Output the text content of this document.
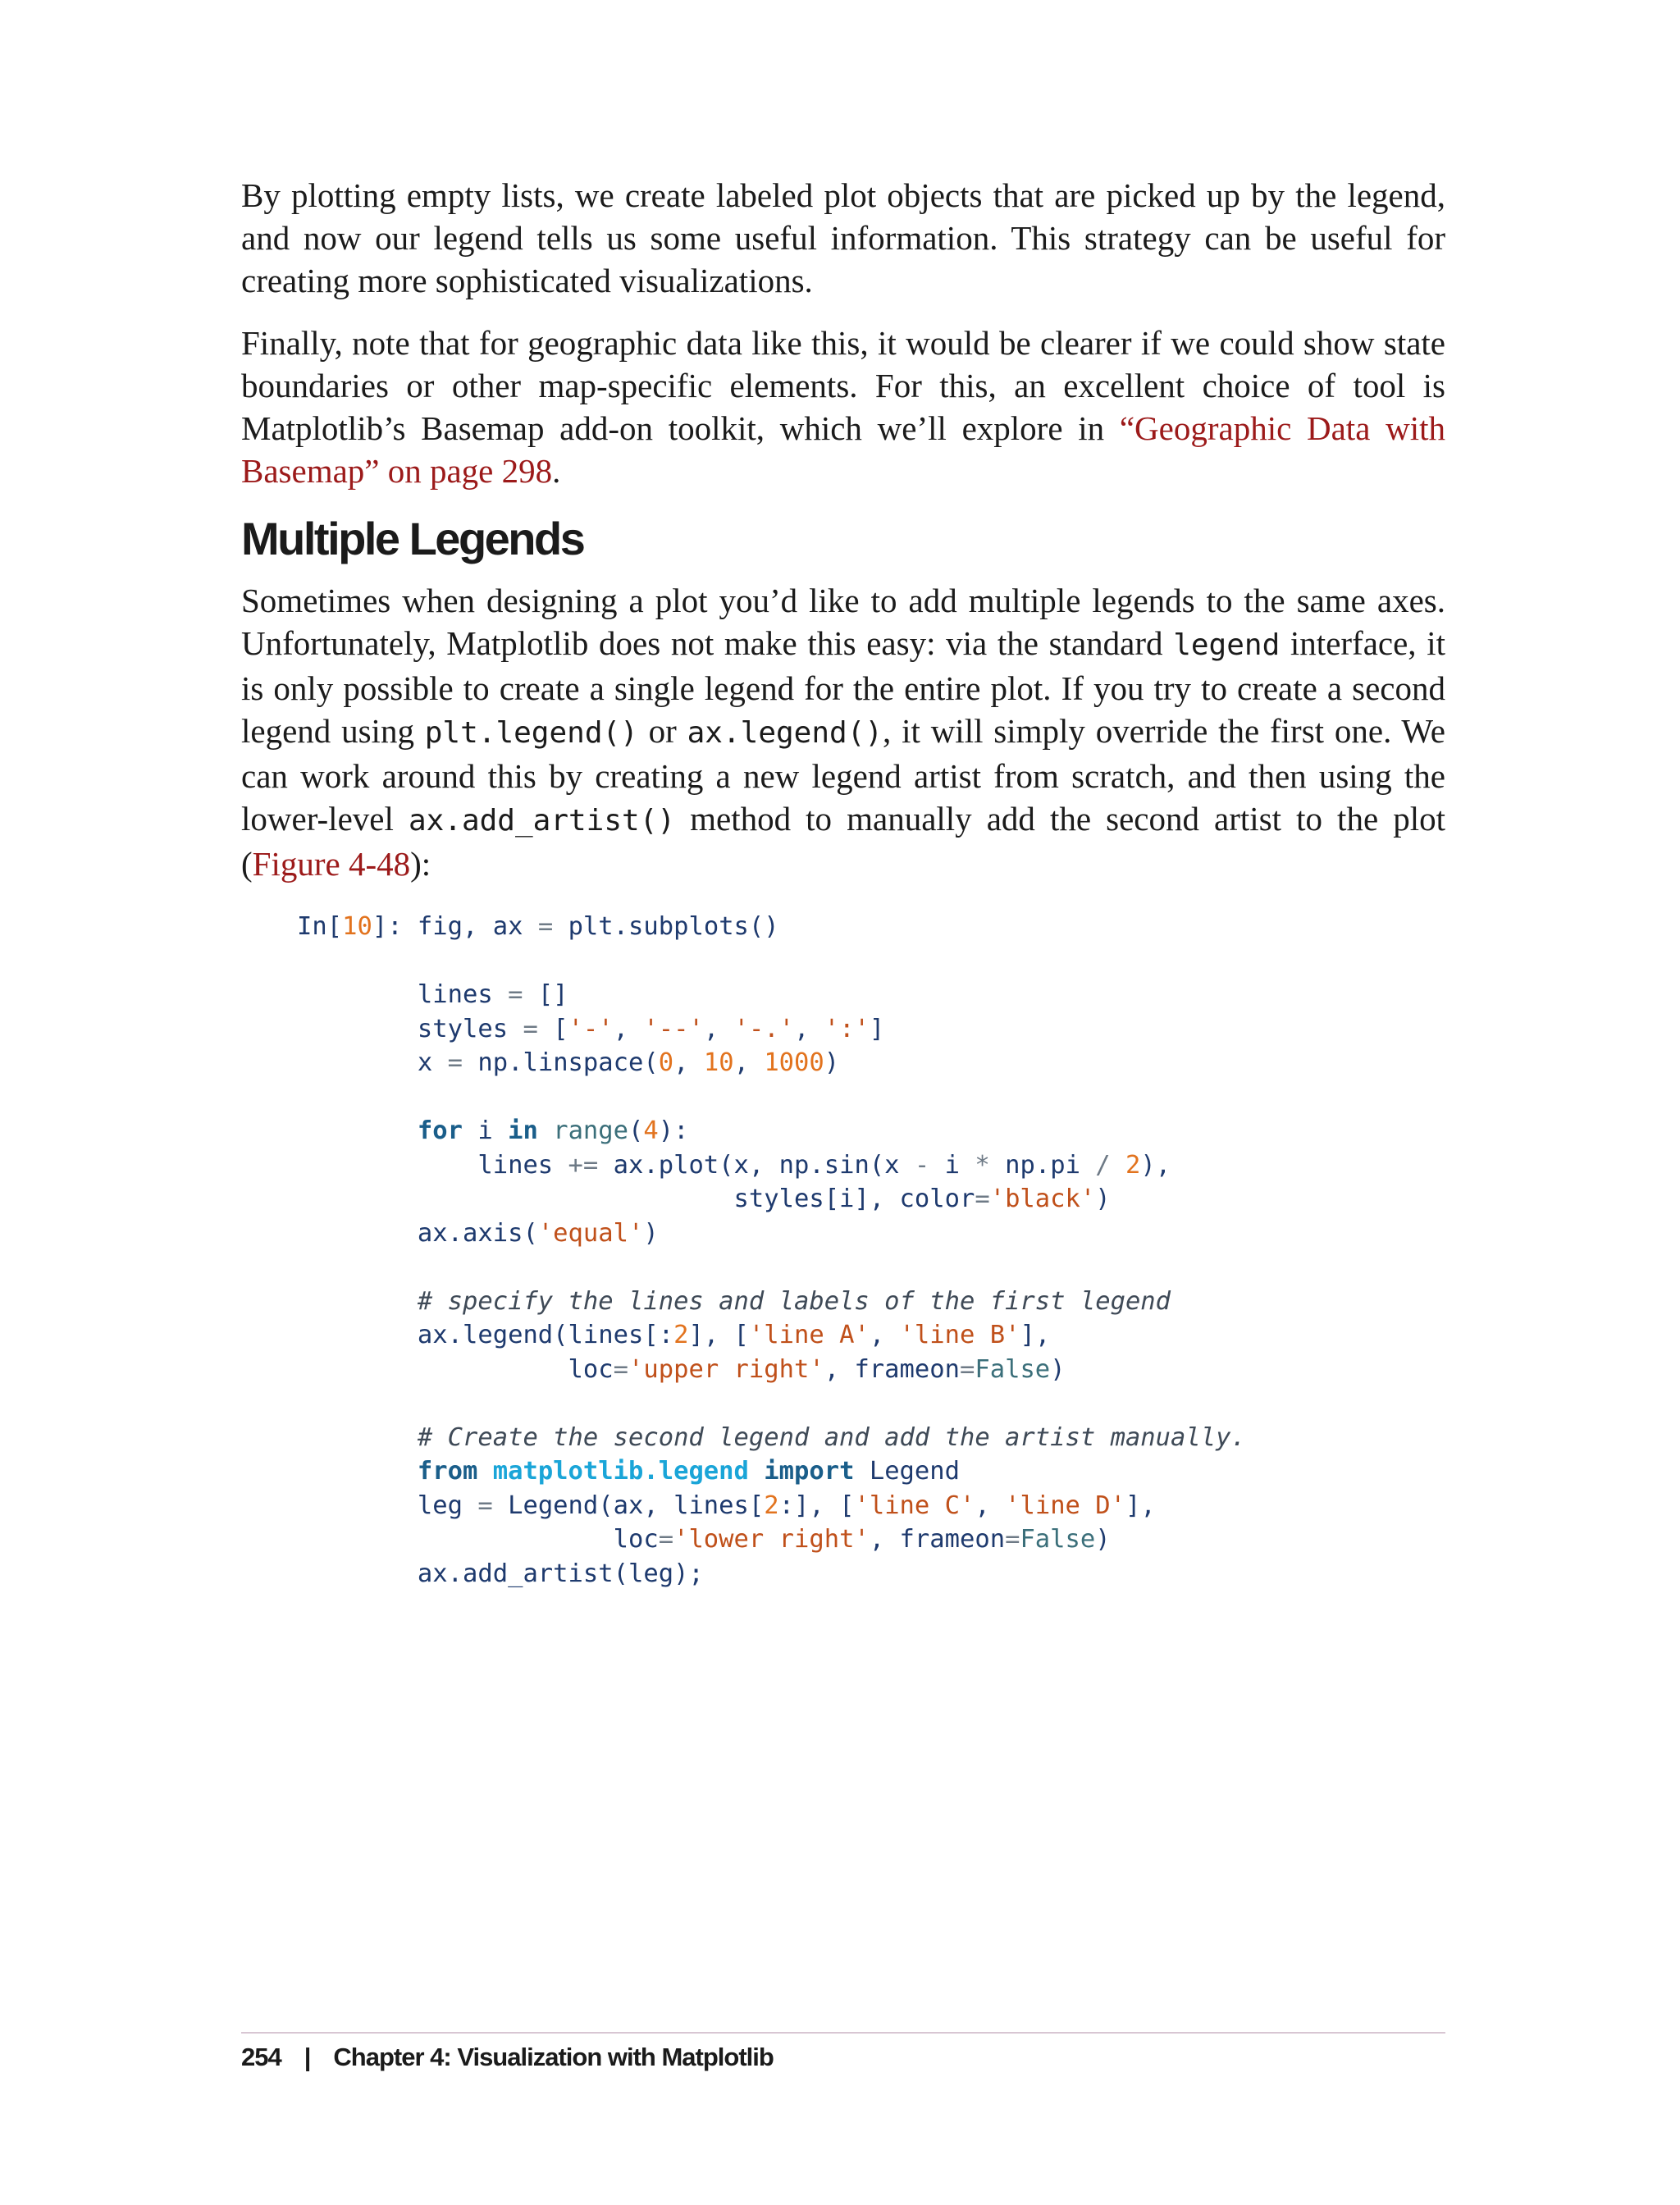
By plotting empty lists, we create labeled plot objects that are picked up by the legend, and now our legend tells us some useful information. This strategy can be useful for creating more sophisticated visualizations.

Finally, note that for geographic data like this, it would be clearer if we could show state boundaries or other map-specific elements. For this, an excellent choice of tool is Matplotlib’s Basemap add-on toolkit, which we’ll explore in “Geographic Data with Basemap” on page 298.

Multiple Legends

Sometimes when designing a plot you’d like to add multiple legends to the same axes. Unfortunately, Matplotlib does not make this easy: via the standard legend interface, it is only possible to create a single legend for the entire plot. If you try to create a second legend using plt.legend() or ax.legend(), it will simply override the first one. We can work around this by creating a new legend artist from scratch, and then using the lower-level ax.add_artist() method to manually add the second artist to the plot (Figure 4-48):

In[10]: fig, ax = plt.subplots()

lines = []
styles = ['-', '--', '-.', ':']
x = np.linspace(0, 10, 1000)

for i in range(4):
lines += ax.plot(x, np.sin(x - i * np.pi / 2),
styles[i], color='black')
ax.axis('equal')

# specify the lines and labels of the first legend
ax.legend(lines[:2], ['line A', 'line B'],
loc='upper right', frameon=False)

# Create the second legend and add the artist manually.
from matplotlib.legend import Legend
leg = Legend(ax, lines[2:], ['line C', 'line D'],
loc='lower right', frameon=False)
ax.add_artist(leg);
254 | Chapter 4: Visualization with Matplotlib
